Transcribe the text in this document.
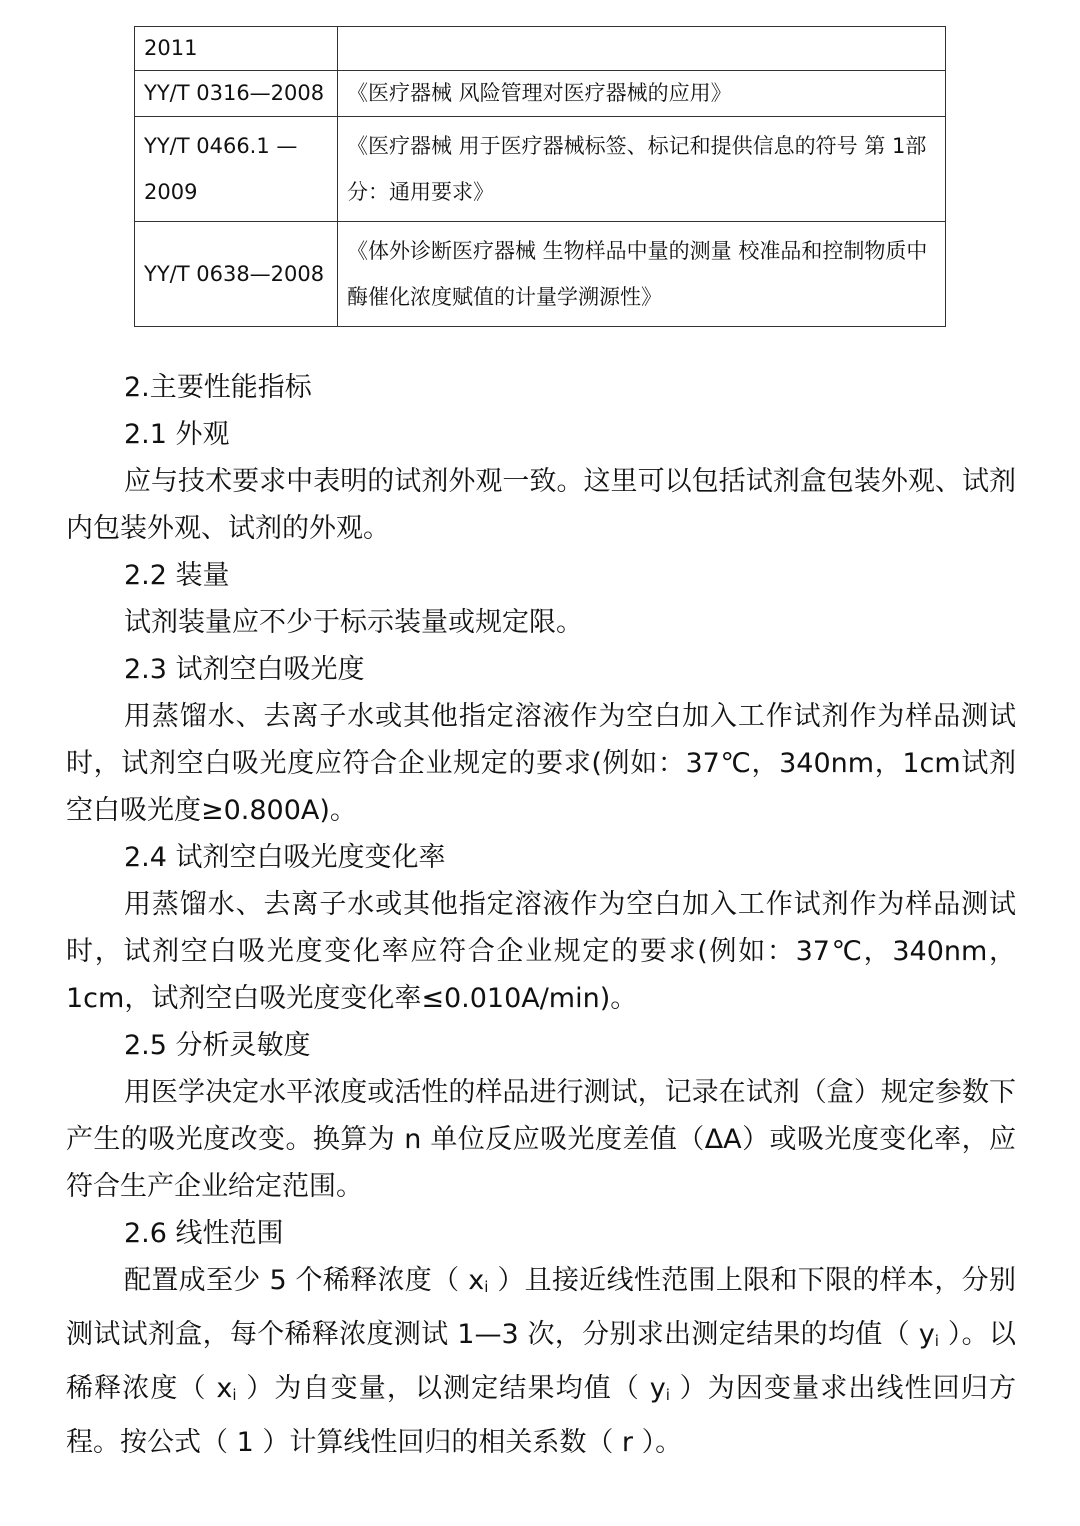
2011	
YY/T 0316—2008	《医疗器械 风险管理对医疗器械的应用》
YY/T 0466.1 —2009	《医疗器械 用于医疗器械标签、标记和提供信息的符号 第 1部分：通用要求》
YY/T 0638—2008	《体外诊断医疗器械 生物样品中量的测量 校准品和控制物质中酶催化浓度赋值的计量学溯源性》

2.主要性能指标

2.1 外观

应与技术要求中表明的试剂外观一致。这里可以包括试剂盒包装外观、试剂内包装外观、试剂的外观。

2.2 装量

试剂装量应不少于标示装量或规定限。

2.3 试剂空白吸光度

用蒸馏水、去离子水或其他指定溶液作为空白加入工作试剂作为样品测试时，试剂空白吸光度应符合企业规定的要求(例如：37℃，340nm，1cm试剂空白吸光度≥0.800A)。

2.4 试剂空白吸光度变化率

用蒸馏水、去离子水或其他指定溶液作为空白加入工作试剂作为样品测试时，试剂空白吸光度变化率应符合企业规定的要求(例如：37℃，340nm，1cm，试剂空白吸光度变化率≤0.010A/min)。

2.5 分析灵敏度

用医学决定水平浓度或活性的样品进行测试，记录在试剂（盒）规定参数下产生的吸光度改变。换算为 n 单位反应吸光度差值（ΔA）或吸光度变化率，应符合生产企业给定范围。

2.6 线性范围

配置成至少 5 个稀释浓度（ $x_i$ ）且接近线性范围上限和下限的样本，分别测试试剂盒，每个稀释浓度测试 1—3 次，分别求出测定结果的均值（ $y_i$ ）。以稀释浓度（ $x_i$ ）为自变量，以测定结果均值（ $y_i$ ）为因变量求出线性回归方程。按公式（ 1 ）计算线性回归的相关系数（ r ）。
